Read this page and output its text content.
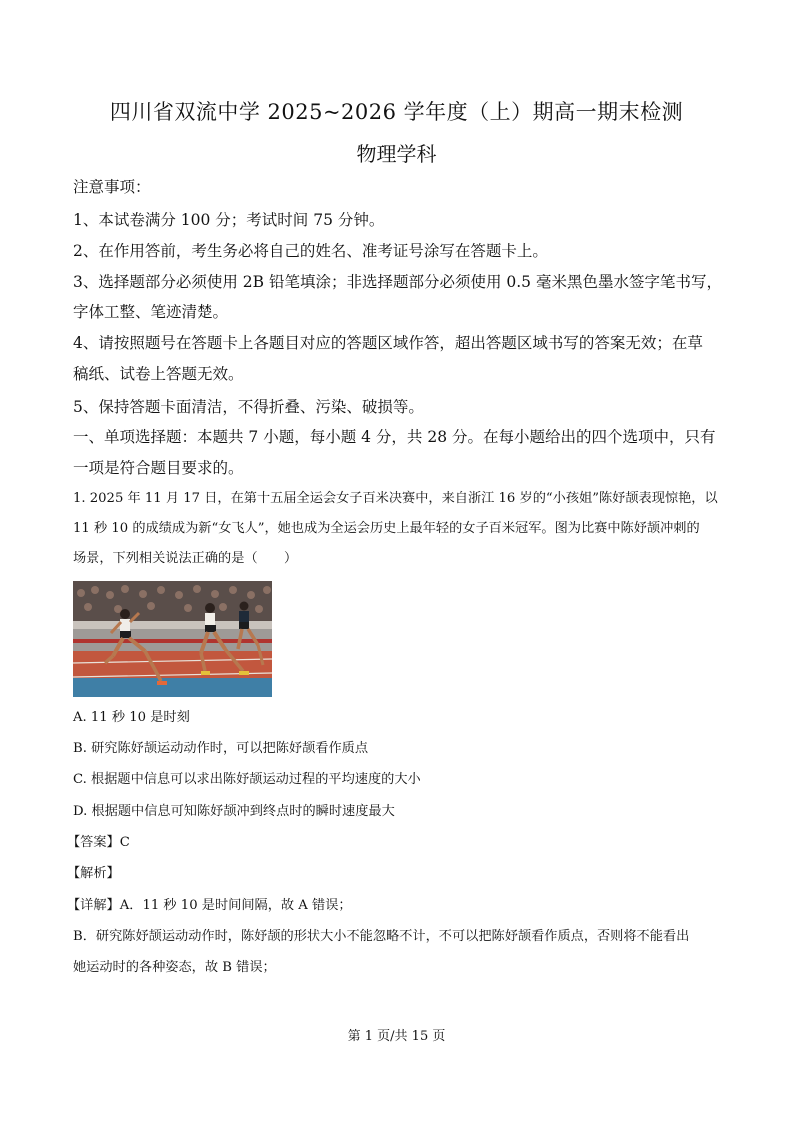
四川省双流中学 2025~2026 学年度（上）期高一期末检测
物理学科
注意事项：
1、本试卷满分 100 分；考试时间 75 分钟。
2、在作用答前，考生务必将自己的姓名、准考证号涂写在答题卡上。
3、选择题部分必须使用 2B 铅笔填涂；非选择题部分必须使用 0.5 毫米黑色墨水签字笔书写，
字体工整、笔迹清楚。
4、请按照题号在答题卡上各题目对应的答题区域作答，超出答题区域书写的答案无效；在草
稿纸、试卷上答题无效。
5、保持答题卡面清洁，不得折叠、污染、破损等。
一、单项选择题：本题共 7 小题，每小题 4 分，共 28 分。在每小题给出的四个选项中，只有
一项是符合题目要求的。
1. 2025 年 11 月 17 日，在第十五届全运会女子百米决赛中，来自浙江 16 岁的“小孩姐”陈妤颉表现惊艳，以
11 秒 10 的成绩成为新“女飞人”，她也成为全运会历史上最年轻的女子百米冠军。图为比赛中陈妤颉冲刺的
场景，下列相关说法正确的是（　　）
A. 11 秒 10 是时刻
B. 研究陈妤颉运动动作时，可以把陈妤颉看作质点
C. 根据题中信息可以求出陈妤颉运动过程的平均速度的大小
D. 根据题中信息可知陈妤颉冲到终点时的瞬时速度最大
【答案】C
【解析】
【详解】A．11 秒 10 是时间间隔，故 A 错误；
B．研究陈妤颉运动动作时，陈妤颉的形状大小不能忽略不计，不可以把陈妤颉看作质点，否则将不能看出
她运动时的各种姿态，故 B 错误；
第 1 页/共 15 页
